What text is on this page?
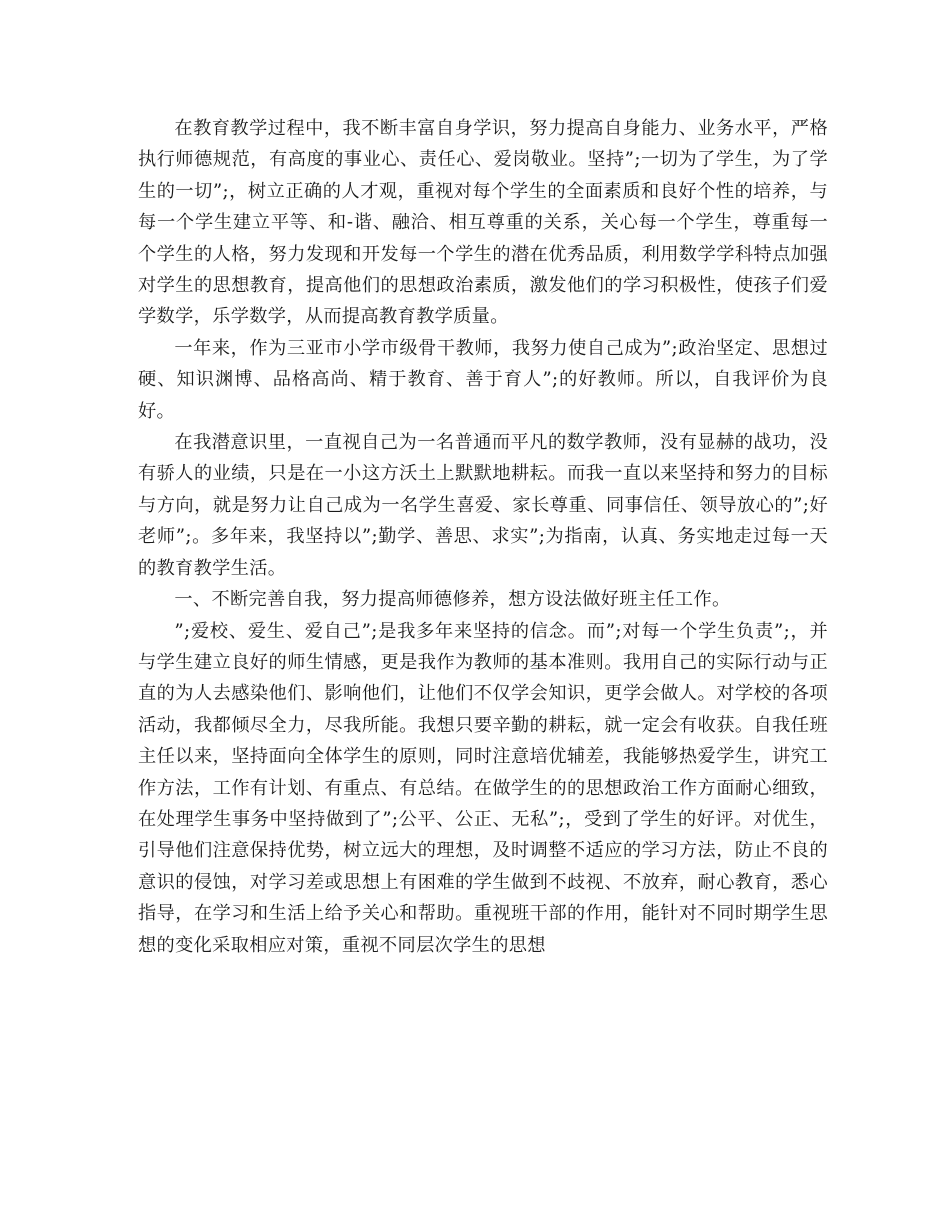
在教育教学过程中，我不断丰富自身学识，努力提高自身能力、业务水平，严格执行师德规范，有高度的事业心、责任心、爱岗敬业。坚持”;一切为了学生，为了学生的一切”;，树立正确的人才观，重视对每个学生的全面素质和良好个性的培养，与每一个学生建立平等、和-谐、融洽、相互尊重的关系，关心每一个学生，尊重每一个学生的人格，努力发现和开发每一个学生的潜在优秀品质，利用数学学科特点加强对学生的思想教育，提高他们的思想政治素质，激发他们的学习积极性，使孩子们爱学数学，乐学数学，从而提高教育教学质量。

一年来，作为三亚市小学市级骨干教师，我努力使自己成为”;政治坚定、思想过硬、知识渊博、品格高尚、精于教育、善于育人”;的好教师。所以，自我评价为良好。

在我潜意识里，一直视自己为一名普通而平凡的数学教师，没有显赫的战功，没有骄人的业绩，只是在一小这方沃土上默默地耕耘。而我一直以来坚持和努力的目标与方向，就是努力让自己成为一名学生喜爱、家长尊重、同事信任、领导放心的”;好老师”;。多年来，我坚持以”;勤学、善思、求实”;为指南，认真、务实地走过每一天的教育教学生活。

一、不断完善自我，努力提高师德修养，想方设法做好班主任工作。

”;爱校、爱生、爱自己”;是我多年来坚持的信念。而”;对每一个学生负责”;，并与学生建立良好的师生情感，更是我作为教师的基本准则。我用自己的实际行动与正直的为人去感染他们、影响他们，让他们不仅学会知识，更学会做人。对学校的各项活动，我都倾尽全力，尽我所能。我想只要辛勤的耕耘，就一定会有收获。自我任班主任以来，坚持面向全体学生的原则，同时注意培优辅差，我能够热爱学生，讲究工作方法，工作有计划、有重点、有总结。在做学生的的思想政治工作方面耐心细致，在处理学生事务中坚持做到了”;公平、公正、无私”;，受到了学生的好评。对优生，引导他们注意保持优势，树立远大的理想，及时调整不适应的学习方法，防止不良的意识的侵蚀，对学习差或思想上有困难的学生做到不歧视、不放弃，耐心教育，悉心指导，在学习和生活上给予关心和帮助。重视班干部的作用，能针对不同时期学生思想的变化采取相应对策，重视不同层次学生的思想
